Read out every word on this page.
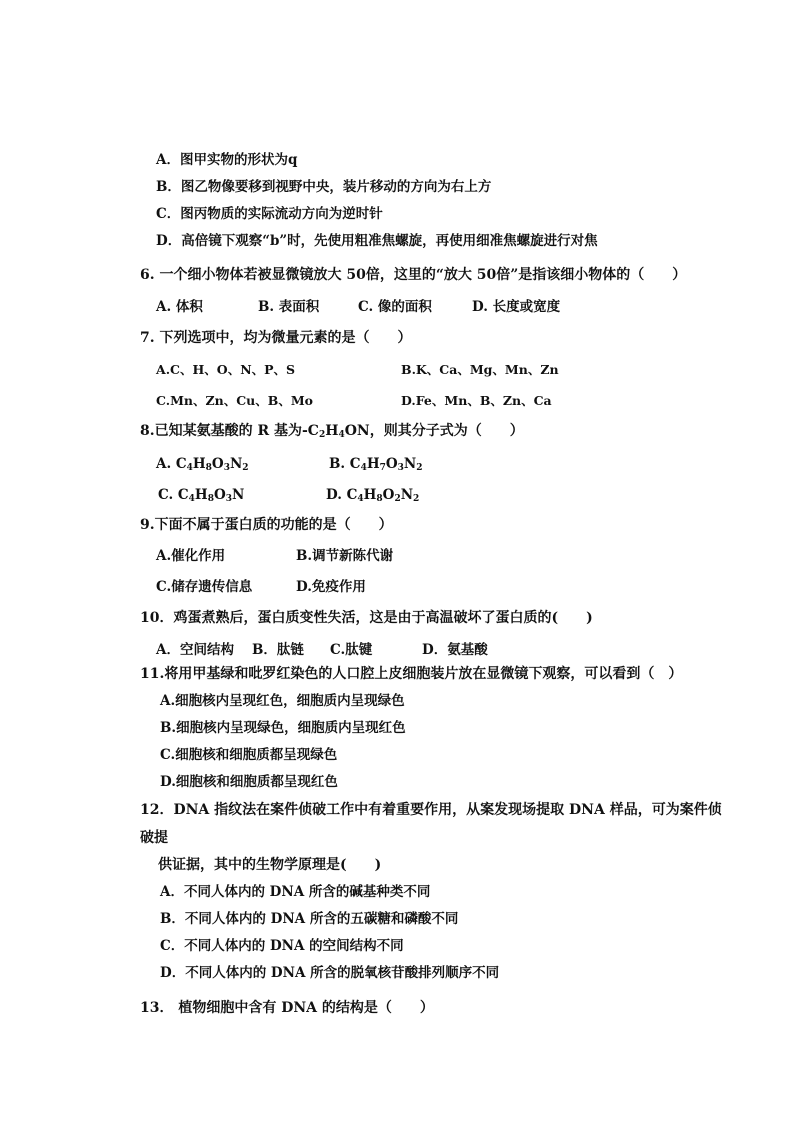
A．图甲实物的形状为q
B．图乙物像要移到视野中央，装片移动的方向为右上方
C．图丙物质的实际流动方向为逆时针
D．高倍镜下观察“b”时，先使用粗准焦螺旋，再使用细准焦螺旋进行对焦
6. 一个细小物体若被显微镜放大 50倍，这里的“放大 50倍”是指该细小物体的（　　）
A. 体积	B. 表面积	C. 像的面积	D. 长度或宽度
7. 下列选项中，均为微量元素的是（　　）
A.C、H、O、N、P、S	B.K、Ca、Mg、Mn、Zn
C.Mn、Zn、Cu、B、Mo	D.Fe、Mn、B、Zn、Ca
8.已知某氨基酸的 R 基为$-C_2H_4ON$，则其分子式为（　　）
A. $C_4H_8O_3N_2$	B. $C_4H_7O_3N_2$
C. $C_4H_8O_3N$	D. $C_4H_8O_2N_2$
9.下面不属于蛋白质的功能的是（　　）
A.催化作用	B.调节新陈代谢
C.储存遗传信息	D.免疫作用
10．鸡蛋煮熟后，蛋白质变性失活，这是由于高温破坏了蛋白质的(　　)
A．空间结构 B．肽链 C.肽键	D．氨基酸
11.将用甲基绿和吡罗红染色的人口腔上皮细胞装片放在显微镜下观察，可以看到（　）
A.细胞核内呈现红色，细胞质内呈现绿色
B.细胞核内呈现绿色，细胞质内呈现红色
C.细胞核和细胞质都呈现绿色
D.细胞核和细胞质都呈现红色
12．DNA 指纹法在案件侦破工作中有着重要作用，从案发现场提取 DNA 样品，可为案件侦
破提
供证据，其中的生物学原理是(　　)
A．不同人体内的 DNA 所含的碱基种类不同
B．不同人体内的 DNA 所含的五碳糖和磷酸不同
C．不同人体内的 DNA 的空间结构不同
D．不同人体内的 DNA 所含的脱氧核苷酸排列顺序不同
13． 植物细胞中含有 DNA 的结构是（　　）
